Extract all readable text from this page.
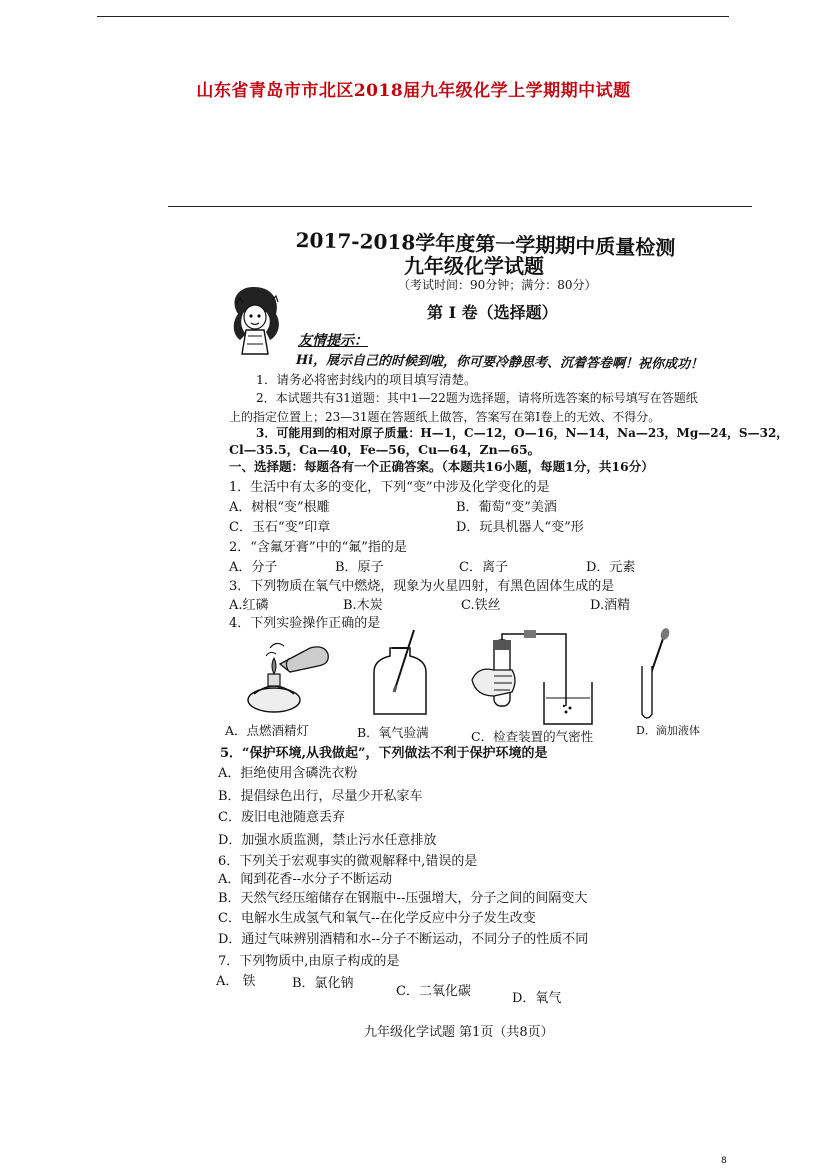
山东省青岛市市北区2018届九年级化学上学期期中试题
2017-2018学年度第一学期期中质量检测
九年级化学试题
（考试时间：90分钟；满分：80分）
第 Ⅰ 卷（选择题）
友情提示：
Hi，展示自己的时候到啦，你可要冷静思考、沉着答卷啊！祝你成功！
1．请务必将密封线内的项目填写清楚。
2．本试题共有31道题：其中1—22题为选择题，请将所选答案的标号填写在答题纸
上的指定位置上；23—31题在答题纸上做答，答案写在第Ⅰ卷上的无效、不得分。
3．可能用到的相对原子质量：H—1，C—12，O—16，N—14，Na—23，Mg—24，S—32，
Cl—35.5，Ca—40，Fe—56，Cu—64，Zn—65。
一、选择题：每题各有一个正确答案。（本题共16小题，每题1分，共16分）
1．生活中有太多的变化，下列“变”中涉及化学变化的是
A．树根“变”根雕	B．葡萄“变”美酒
C．玉石“变”印章	D．玩具机器人“变”形
2．“含氟牙膏”中的“氟”指的是
A．分子	B．原子	C．离子	D．元素
3．下列物质在氧气中燃烧，现象为火星四射，有黑色固体生成的是
A.红磷	B.木炭	C.铁丝	D.酒精
4．下列实验操作正确的是
A．点燃酒精灯	B．氧气验满	C．检查装置的气密性	D．滴加液体
5．“保护环境,从我做起”，下列做法不利于保护环境的是
A．拒绝使用含磷洗衣粉
B．提倡绿色出行，尽量少开私家车
C．废旧电池随意丢弃
D．加强水质监测，禁止污水任意排放
6．下列关于宏观事实的微观解释中,错误的是
A．闻到花香--水分子不断运动
B．天然气经压缩储存在钢瓶中--压强增大，分子之间的间隔变大
C．电解水生成氢气和氧气--在化学反应中分子发生改变
D．通过气味辨别酒精和水--分子不断运动，不同分子的性质不同
7．下列物质中,由原子构成的是
A． 铁	B．氯化钠
C．二氧化碳	D．氧气
九年级化学试题 第1页（共8页）
8
